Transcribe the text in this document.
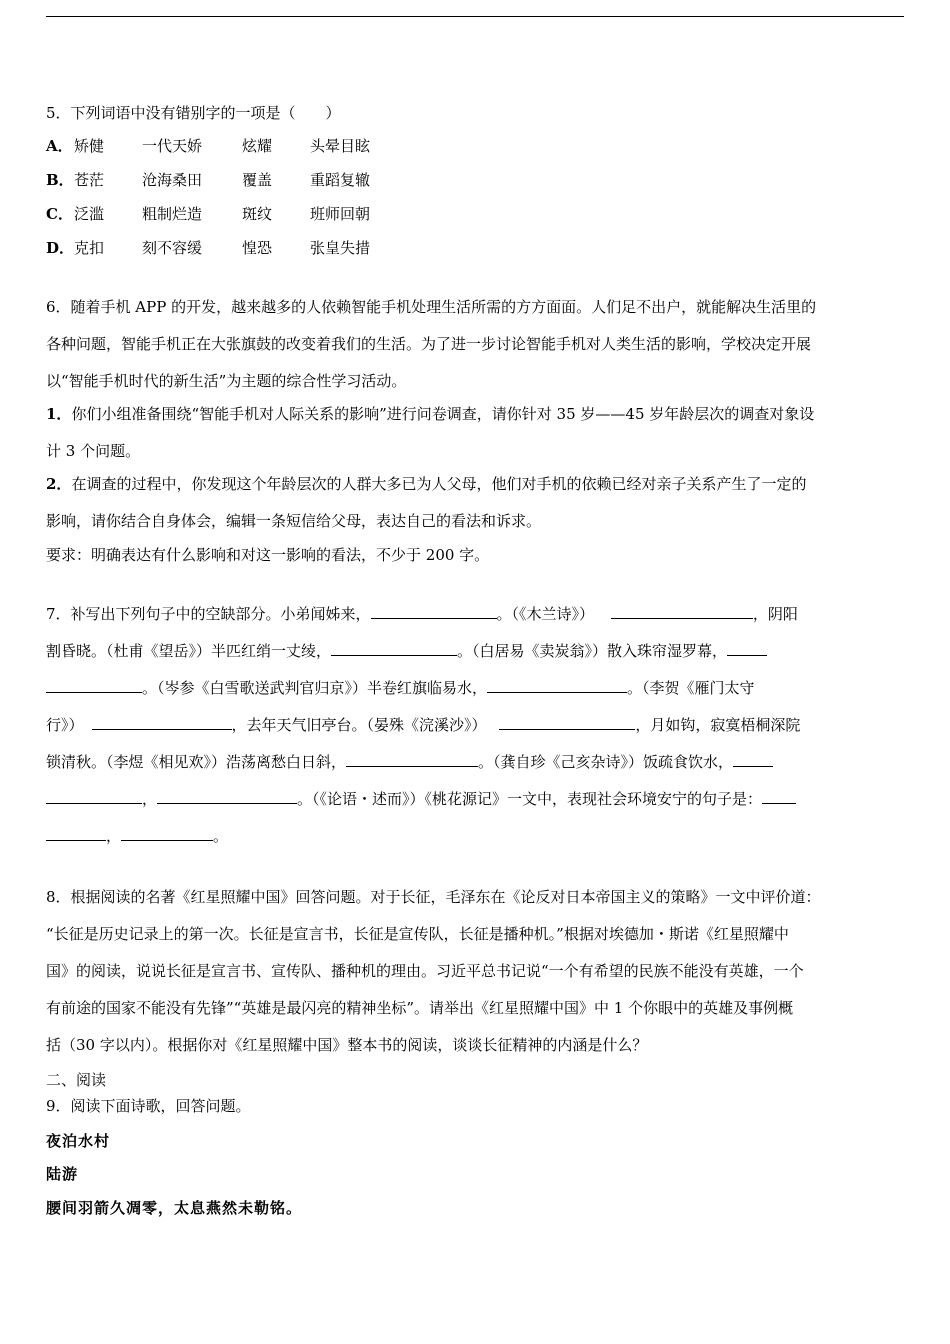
5．下列词语中没有错别字的一项是（　　）
A． 矫健	一代天娇	炫耀	头晕目眩
B． 苍茫	沧海桑田	覆盖	重蹈复辙
C． 泛滥	粗制烂造	斑纹	班师回朝
D． 克扣	刻不容缓	惶恐	张皇失措
6．随着手机 APP 的开发，越来越多的人依赖智能手机处理生活所需的方方面面。人们足不出户，就能解决生活里的
各种问题，智能手机正在大张旗鼓的改变着我们的生活。为了进一步讨论智能手机对人类生活的影响，学校决定开展
以“智能手机时代的新生活”为主题的综合性学习活动。
1．你们小组准备围绕“智能手机对人际关系的影响”进行问卷调查，请你针对 35 岁——45 岁年龄层次的调查对象设
计 3 个问题。
2．在调查的过程中，你发现这个年龄层次的人群大多已为人父母，他们对手机的依赖已经对亲子关系产生了一定的
影响，请你结合自身体会，编辑一条短信给父母，表达自己的看法和诉求。
要求：明确表达有什么影响和对这一影响的看法，不少于 200 字。
7．补写出下列句子中的空缺部分。小弟闻姊来，	。（《木兰诗》）	，阴阳
割昏晓。（杜甫《望岳》）半匹红绡一丈绫，	。（白居易《卖炭翁》）散入珠帘湿罗幕，
。（岑参《白雪歌送武判官归京》）半卷红旗临易水，	。（李贺《雁门太守
行》）	，去年天气旧亭台。（晏殊《浣溪沙》）	，月如钩，寂寞梧桐深院
锁清秋。（李煜《相见欢》）浩荡离愁白日斜，	。（龚自珍《己亥杂诗》）饭疏食饮水，
，	。（《论语・述而》）《桃花源记》一文中，表现社会环境安宁的句子是：
，	。
8．根据阅读的名著《红星照耀中国》回答问题。对于长征，毛泽东在《论反对日本帝国主义的策略》一文中评价道：
“长征是历史记录上的第一次。长征是宣言书，长征是宣传队，长征是播种机。”根据对埃德加・斯诺《红星照耀中
国》的阅读，说说长征是宣言书、宣传队、播种机的理由。习近平总书记说“一个有希望的民族不能没有英雄，一个
有前途的国家不能没有先锋”“英雄是最闪亮的精神坐标”。请举出《红星照耀中国》中 1 个你眼中的英雄及事例概
括（30 字以内）。根据你对《红星照耀中国》整本书的阅读，谈谈长征精神的内涵是什么？
二、阅读
9．阅读下面诗歌，回答问题。
夜泊水村
陆游
腰间羽箭久凋零，太息燕然未勒铭。
